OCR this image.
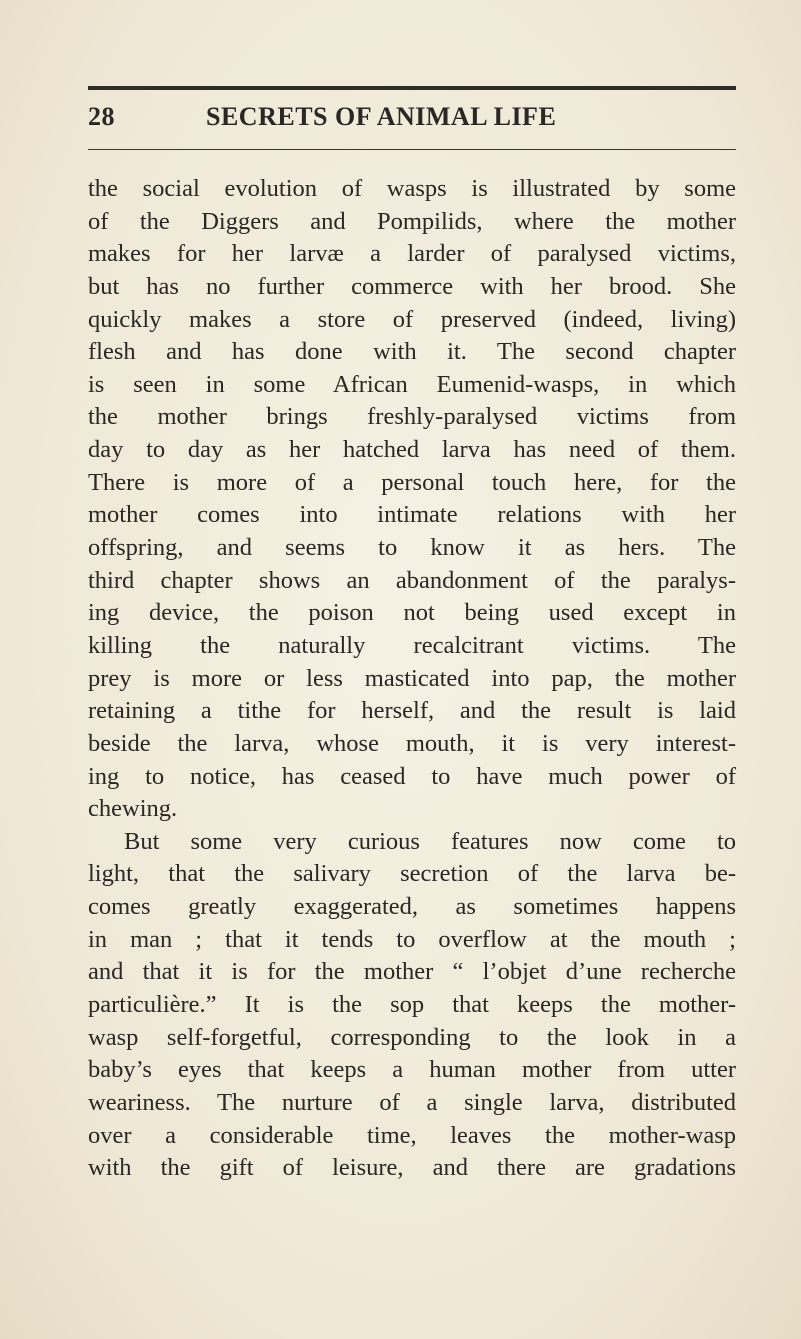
28	SECRETS OF ANIMAL LIFE
the social evolution of wasps is illustrated by some
of the Diggers and Pompilids, where the mother
makes for her larvæ a larder of paralysed victims,
but has no further commerce with her brood. She
quickly makes a store of preserved (indeed, living)
flesh and has done with it. The second chapter
is seen in some African Eumenid-wasps, in which
the mother brings freshly-paralysed victims from
day to day as her hatched larva has need of them.
There is more of a personal touch here, for the
mother comes into intimate relations with her
offspring, and seems to know it as hers. The
third chapter shows an abandonment of the paralys-
ing device, the poison not being used except in
killing the naturally recalcitrant victims. The
prey is more or less masticated into pap, the mother
retaining a tithe for herself, and the result is laid
beside the larva, whose mouth, it is very interest-
ing to notice, has ceased to have much power of
chewing.
But some very curious features now come to
light, that the salivary secretion of the larva be-
comes greatly exaggerated, as sometimes happens
in man ; that it tends to overflow at the mouth ;
and that it is for the mother “ l’objet d’une recherche
particulière.” It is the sop that keeps the mother-
wasp self-forgetful, corresponding to the look in a
baby’s eyes that keeps a human mother from utter
weariness. The nurture of a single larva, distributed
over a considerable time, leaves the mother-wasp
with the gift of leisure, and there are gradations
